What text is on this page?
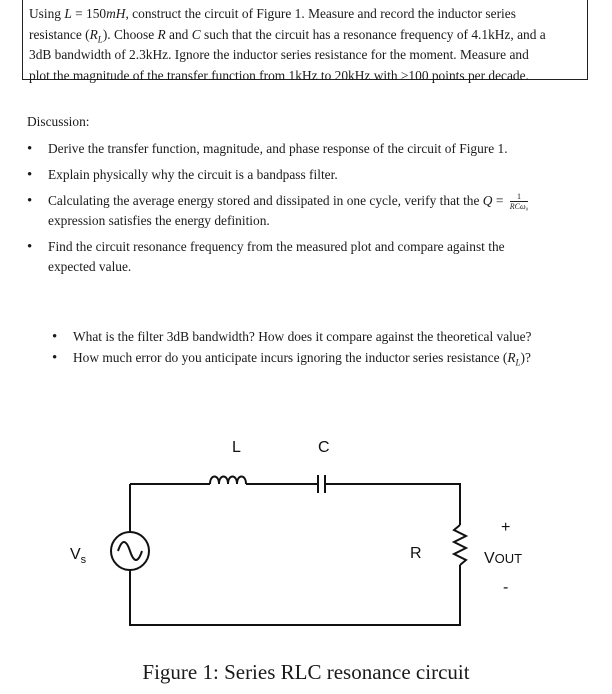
Using L = 150mH, construct the circuit of Figure 1. Measure and record the inductor series

resistance $(R_L)$. Choose R and C such that the circuit has a resonance frequency of 4.1kHz, and a

3dB bandwidth of 2.3kHz. Ignore the inductor series resistance for the moment. Measure and

plot the magnitude of the transfer function from 1kHz to 20kHz with >100 points per decade.

Discussion:
• Derive the transfer function, magnitude, and phase response of the circuit of Figure 1.
• Explain physically why the circuit is a bandpass filter.
• Calculating the average energy stored and dissipated in one cycle, verify that the $Q = \frac{1}{\text{RCω₀}}$

expression satisfies the energy definition.
• Find the circuit resonance frequency from the measured plot and compare against the
expected value.
• What is the filter 3dB bandwidth? How does it compare against the theoretical value?
• How much error do you anticipate incurs ignoring the inductor series resistance $(R_L)$?
L	C
R
$V_s$
+
VOUT
-
Figure 1: Series RLC resonance circuit
